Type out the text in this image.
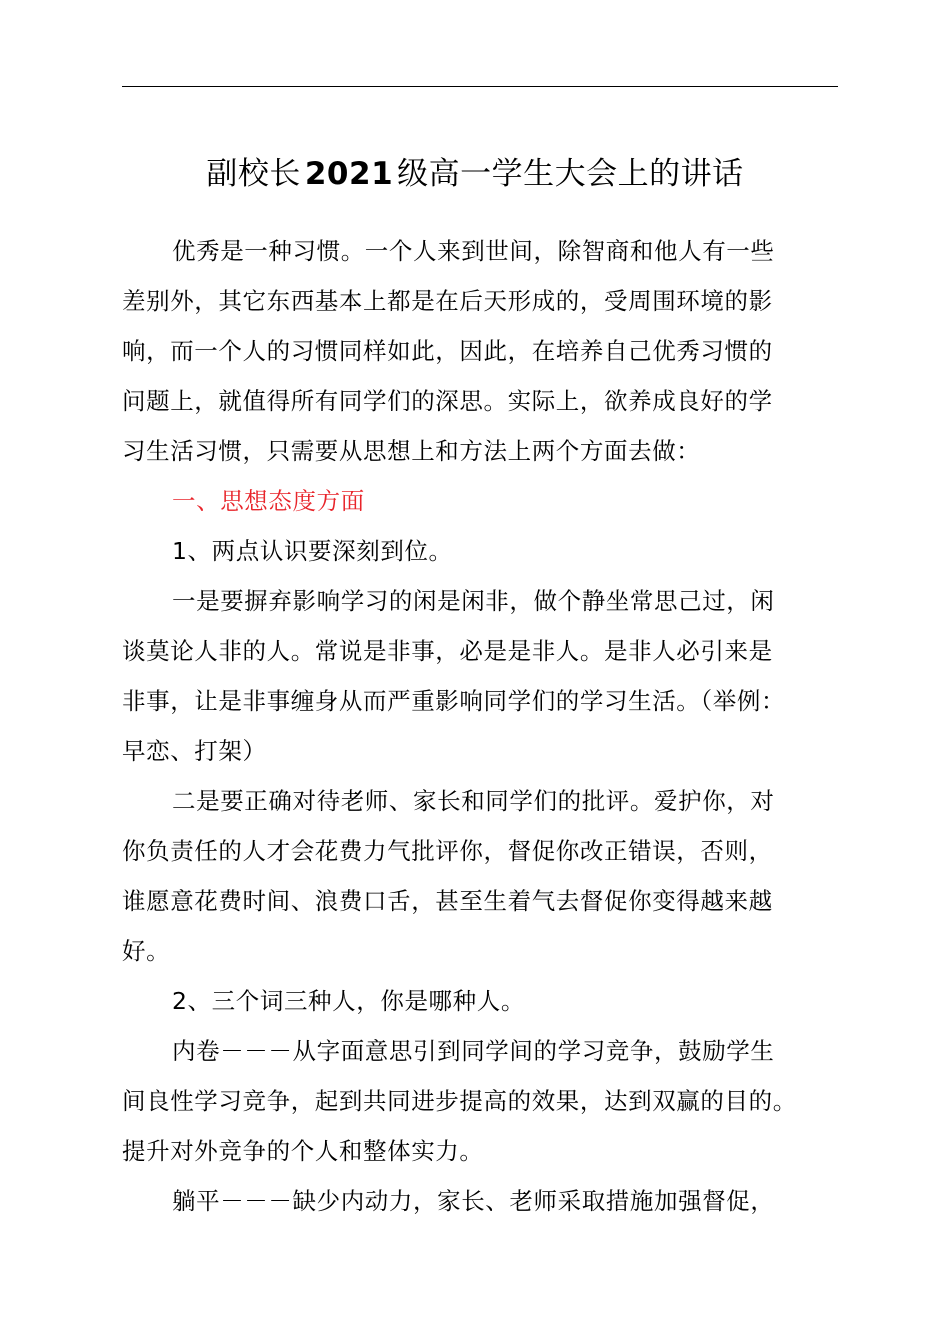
副校长 2021 级高一学生大会上的讲话

优秀是一种习惯。一个人来到世间，除智商和他人有一些
差别外，其它东西基本上都是在后天形成的，受周围环境的影
响，而一个人的习惯同样如此，因此，在培养自己优秀习惯的
问题上，就值得所有同学们的深思。实际上，欲养成良好的学
习生活习惯，只需要从思想上和方法上两个方面去做：

一、思想态度方面

1、两点认识要深刻到位。

一是要摒弃影响学习的闲是闲非，做个静坐常思己过，闲
谈莫论人非的人。常说是非事，必是是非人。是非人必引来是
非事，让是非事缠身从而严重影响同学们的学习生活。（举例：
早恋、打架）

二是要正确对待老师、家长和同学们的批评。爱护你，对
你负责任的人才会花费力气批评你，督促你改正错误，否则，
谁愿意花费时间、浪费口舌，甚至生着气去督促你变得越来越
好。

2、三个词三种人，你是哪种人。

内卷－－－从字面意思引到同学间的学习竞争，鼓励学生
间良性学习竞争，起到共同进步提高的效果，达到双赢的目的。
提升对外竞争的个人和整体实力。

躺平－－－缺少内动力，家长、老师采取措施加强督促，
